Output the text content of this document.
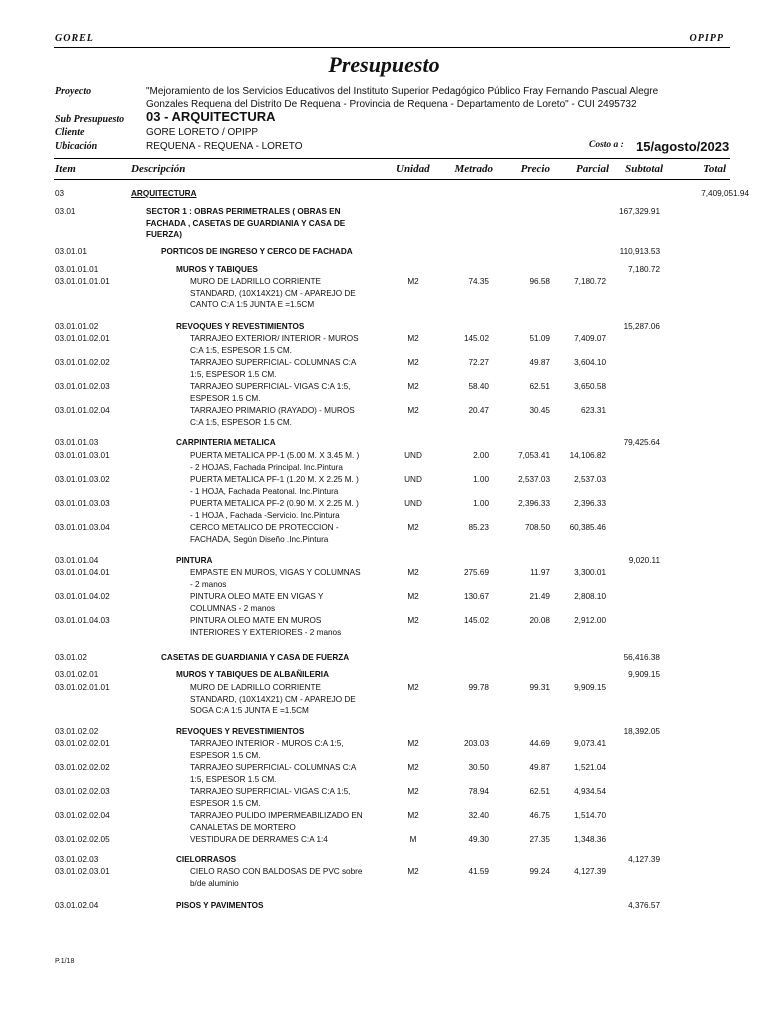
GOREL	OPIPP
Presupuesto
Proyecto	"Mejoramiento de los Servicios Educativos del Instituto Superior Pedagógico Público Fray Fernando Pascual Alegre
Gonzales Requena del Distrito De Requena - Provincia de Requena - Departamento de Loreto" - CUI 2495732
Sub Presupuesto 03 - ARQUITECTURA
Cliente	GORE LORETO / OPIPP
Ubicación	REQUENA - REQUENA - LORETO	Costo a : 15/agosto/2023
Item	Descripción	Unidad Metrado	Precio Parcial Subtotal	Total
03	ARQUITECTURA	7,409,051.94
03.01	SECTOR 1 : OBRAS PERIMETRALES ( OBRAS EN
FACHADA , CASETAS DE GUARDIANIA Y CASA DE
FUERZA)
167,329.91
03.01.01	PORTICOS DE INGRESO Y CERCO DE FACHADA	110,913.53
03.01.01.01	MUROS Y TABIQUES	7,180.72
03.01.01.01.01	MURO DE LADRILLO CORRIENTE
STANDARD, (10X14X21) CM - APAREJO DE
CANTO C:A 1:5 JUNTA E =1.5CM
M2	74.35	96.58	7,180.72
03.01.01.02	REVOQUES Y REVESTIMIENTOS	15,287.06
03.01.01.02.01	TARRAJEO EXTERIOR/ INTERIOR - MUROS
C:A 1:5, ESPESOR 1.5 CM.
M2	145.02	51.09	7,409.07
03.01.01.02.02	TARRAJEO SUPERFICIAL- COLUMNAS C:A
1:5, ESPESOR 1.5 CM.
M2	72.27	49.87	3,604.10
03.01.01.02.03	TARRAJEO SUPERFICIAL- VIGAS C:A 1:5,
ESPESOR 1.5 CM.
M2	58.40	62.51	3,650.58
03.01.01.02.04	TARRAJEO PRIMARIO (RAYADO) - MUROS
C:A 1:5, ESPESOR 1.5 CM.
M2	20.47	30.45	623.31
03.01.01.03	CARPINTERIA METALICA	79,425.64
03.01.01.03.01	PUERTA METALICA PP-1 (5.00 M. X 3.45 M. )
- 2 HOJAS, Fachada Principal. Inc.Pintura
UND	2.00	7,053.41 14,106.82
03.01.01.03.02	PUERTA METALICA PF-1 (1.20 M. X 2.25 M. )
- 1 HOJA, Fachada Peatonal. Inc.Pintura
UND	1.00	2,537.03	2,537.03
03.01.01.03.03	PUERTA METALICA PF-2 (0.90 M. X 2.25 M. )
- 1 HOJA , Fachada -Servicio. Inc.Pintura
UND	1.00	2,396.33	2,396.33
03.01.01.03.04	CERCO METALICO DE PROTECCION -
FACHADA, Según Diseño .Inc.Pintura
M2	85.23	708.50 60,385.46
03.01.01.04	PINTURA	9,020.11
03.01.01.04.01	EMPASTE EN MUROS, VIGAS Y COLUMNAS
- 2 manos
M2	275.69	11.97	3,300.01
03.01.01.04.02	PINTURA OLEO MATE EN VIGAS Y
COLUMNAS - 2 manos
M2	130.67	21.49	2,808.10
03.01.01.04.03	PINTURA OLEO MATE EN MUROS
INTERIORES Y EXTERIORES - 2 manos
M2	145.02	20.08	2,912.00
03.01.02	CASETAS DE GUARDIANIA Y CASA DE FUERZA	56,416.38
03.01.02.01	MUROS Y TABIQUES DE ALBAÑILERIA	9,909.15
03.01.02.01.01	MURO DE LADRILLO CORRIENTE
STANDARD, (10X14X21) CM - APAREJO DE
SOGA C:A 1:5 JUNTA E =1.5CM
M2	99.78	99.31	9,909.15
03.01.02.02	REVOQUES Y REVESTIMIENTOS	18,392.05
03.01.02.02.01	TARRAJEO INTERIOR - MUROS C:A 1:5,
ESPESOR 1.5 CM.
M2	203.03	44.69	9,073.41
03.01.02.02.02	TARRAJEO SUPERFICIAL- COLUMNAS C:A
1:5, ESPESOR 1.5 CM.
M2	30.50	49.87	1,521.04
03.01.02.02.03	TARRAJEO SUPERFICIAL- VIGAS C:A 1:5,
ESPESOR 1.5 CM.
M2	78.94	62.51	4,934.54
03.01.02.02.04	TARRAJEO PULIDO IMPERMEABILIZADO EN
CANALETAS DE MORTERO
M2	32.40	46.75	1,514.70
03.01.02.02.05	VESTIDURA DE DERRAMES C:A 1:4	M	49.30	27.35	1,348.36
03.01.02.03	CIELORRASOS	4,127.39
03.01.02.03.01	CIELO RASO CON BALDOSAS DE PVC sobre
b/de aluminio
M2	41.59	99.24	4,127.39
03.01.02.04	PISOS Y PAVIMENTOS	4,376.57
P.1/18
